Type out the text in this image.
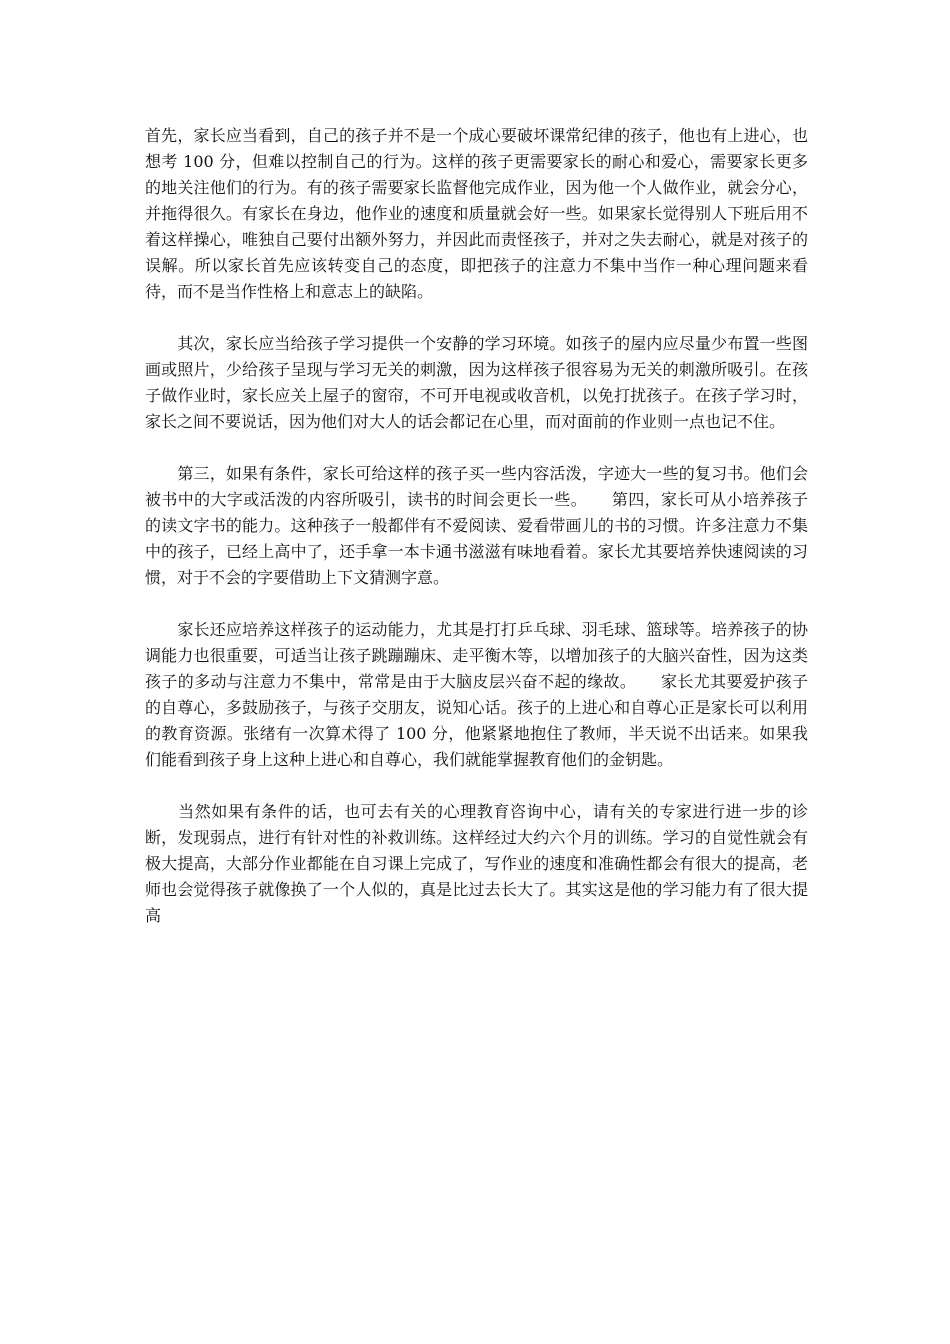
首先，家长应当看到，自己的孩子并不是一个成心要破坏课常纪律的孩子，他也有上进心，也想考 100 分，但难以控制自己的行为。这样的孩子更需要家长的耐心和爱心，需要家长更多的地关注他们的行为。有的孩子需要家长监督他完成作业，因为他一个人做作业，就会分心，并拖得很久。有家长在身边，他作业的速度和质量就会好一些。如果家长觉得别人下班后用不着这样操心，唯独自己要付出额外努力，并因此而责怪孩子，并对之失去耐心，就是对孩子的误解。所以家长首先应该转变自己的态度，即把孩子的注意力不集中当作一种心理问题来看待，而不是当作性格上和意志上的缺陷。

　　其次，家长应当给孩子学习提供一个安静的学习环境。如孩子的屋内应尽量少布置一些图画或照片，少给孩子呈现与学习无关的刺激，因为这样孩子很容易为无关的刺激所吸引。在孩子做作业时，家长应关上屋子的窗帘，不可开电视或收音机，以免打扰孩子。在孩子学习时，家长之间不要说话，因为他们对大人的话会都记在心里，而对面前的作业则一点也记不住。

　　第三，如果有条件，家长可给这样的孩子买一些内容活泼，字迹大一些的复习书。他们会被书中的大字或活泼的内容所吸引，读书的时间会更长一些。　　第四，家长可从小培养孩子的读文字书的能力。这种孩子一般都伴有不爱阅读、爱看带画儿的书的习惯。许多注意力不集中的孩子，已经上高中了，还手拿一本卡通书滋滋有味地看着。家长尤其要培养快速阅读的习惯，对于不会的字要借助上下文猜测字意。

　　家长还应培养这样孩子的运动能力，尤其是打打乒乓球、羽毛球、篮球等。培养孩子的协调能力也很重要，可适当让孩子跳蹦蹦床、走平衡木等，以增加孩子的大脑兴奋性，因为这类孩子的多动与注意力不集中，常常是由于大脑皮层兴奋不起的缘故。　　家长尤其要爱护孩子的自尊心，多鼓励孩子，与孩子交朋友，说知心话。孩子的上进心和自尊心正是家长可以利用的教育资源。张绪有一次算术得了 100 分，他紧紧地抱住了教师，半天说不出话来。如果我们能看到孩子身上这种上进心和自尊心，我们就能掌握教育他们的金钥匙。

　　当然如果有条件的话，也可去有关的心理教育咨询中心，请有关的专家进行进一步的诊断，发现弱点，进行有针对性的补救训练。这样经过大约六个月的训练。学习的自觉性就会有极大提高，大部分作业都能在自习课上完成了，写作业的速度和准确性都会有很大的提高，老师也会觉得孩子就像换了一个人似的，真是比过去长大了。其实这是他的学习能力有了很大提高
